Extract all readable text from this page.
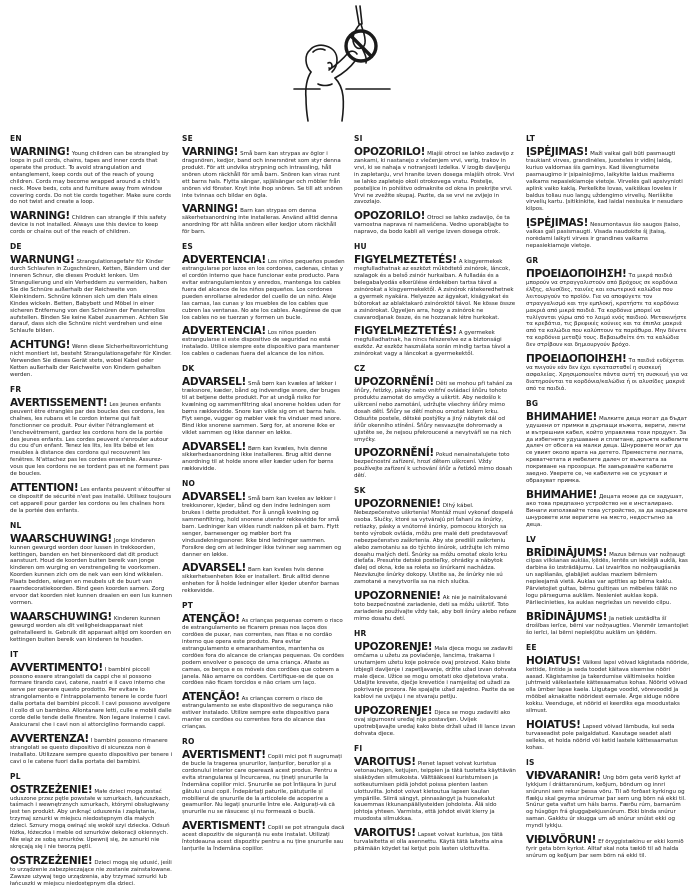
EN

WARNING! Young children can be strangled by loops in pull cords, chains, tapes and inner cords that operate the product. To avoid strangulation and entanglement, keep cords out of the reach of young children. Cords may become wrapped around a child's neck. Move beds, cots and furniture away from window covering cords. Do not tie cords together. Make sure cords do not twist and create a loop.

WARNING! Children can strangle if this safety device is not installed. Always use this device to keep cords or chains out of the reach of children.

DE

WARNUNG! Strangulationsgefahr für Kinder durch Schlaufen in Zugschnüren, Ketten, Bändern und der inneren Schnur, die dieses Produkt lenken. Um Strangulierung und ein Verheddern zu vermeiden, halten Sie die Schnüre außerhalb der Reichweite von Kleinkindern. Schnüre können sich um den Hals eines Kindes wickeln. Betten, Babybett und Möbel in einer sicheren Entfernung von den Schnüren der Fensterrollos aufstellen. Binden Sie keine Kabel zusammen. Achten Sie darauf, dass sich die Schnüre nicht verdrehen und eine Schlaufe bilden.

ACHTUNG! Wenn diese Sicherheitsvorrichtung nicht montiert ist, besteht Strangulationsgefahr für Kinder. Verwenden Sie dieses Gerät stets, wobei Kabel oder Ketten außerhalb der Reichweite von Kindern gehalten werden.

FR

AVERTISSEMENT! Les jeunes enfants peuvent être étranglés par des boucles des cordons, les chaînes, les rubans et le cordon interne qui fait fonctionner ce produit. Pour éviter l'étranglement et l'enchevêtrement, gardez les cordons hors de la portée des jeunes enfants. Les cordes peuvent s'enrouler autour du cou d'un enfant. Tenez les lits, les lits bébé et les meubles à distance des cordons qui recouvrent les fenêtres. N'attachez pas les cordes ensemble. Assurez-vous que les cordons ne se tordent pas et ne forment pas de boucles.

ATTENTION! Les enfants peuvent s'étouffer si ce dispositif de sécurité n'est pas installé. Utilisez toujours cet appareil pour garder les cordons ou les chaînes hors de la portée des enfants.

NL

WAARSCHUWING! Jonge kinderen kunnen gewurgd worden door lussen in trekkoorden, kettingen, banden en het binnenkoord dat dit product aanstuurt. Houd de koorden buiten bereik van jonge kinderen om wurging en verstrengeling te voorkomen. Koorden kunnen zich om de nek van een kind wikkelen. Plaats bedden, wiegen en meubels uit de buurt van raamdecoratiekoorden. Bind geen koorden samen. Zorg ervoor dat koorden niet kunnen draaien en een lus kunnen vormen.

WAARSCHUWING! Kinderen kunnen gewurgd worden als dit veiligheidsapparaat niet geïnstalleerd is. Gebruik dit apparaat altijd om koorden en kettingen buiten bereik van kinderen te houden.

IT

AVVERTIMENTO! I bambini piccoli possono essere strangolati da cappi che si possono formare tirando cavi, catene, nastri e il cavo interno che serve per operare questo prodotto. Per evitare lo strangolamento e l'intrappolamento tenere le corde fuori dalla portata dei bambini piccoli. I cavi possono avvolgere il collo di un bambino. Allontanare letti, culle e mobili dalle corde delle tende delle finestre. Non legare insieme i cavi. Assicurarsi che i cavi non si attorciglino formando cappi.

AVVERTENZA! I bambini possono rimanere strangolati se questo dispositivo di sicurezza non è installato. Utilizzare sempre questo dispositivo per tenere i cavi o le catene fuori dalla portata dei bambini.

PL

OSTRZEŻENIE! Małe dzieci mogą zostać uduszone przez pętle powstałe w sznurkach, łańcuszkach, taśmach i wewnętrznych sznurkach, którymi obsługiwany jest ten produkt. Aby uniknąć uduszenia i zaplątania, trzymaj sznurki w miejscu niedostępnym dla małych dzieci. Sznury mogą owinąć się wokół szyi dziecka. Odsuń łóżka, łóżeczka i meble od sznurków dekoracji okiennych. Nie wiąż ze sobą sznurków. Upewnij się, że sznurki nie skręcają się i nie tworzą pętli.

OSTRZEŻENIE! Dzieci mogą się udusić, jeśli to urządzenie zabezpieczające nie zostanie zainstalowane. Zawsze używaj tego urządzenia, aby trzymać sznurki lub łańcuszki w miejscu niedostępnym dla dzieci.

SE

VARNING! Små barn kan strypas av öglor i dragsnören, kedjor, band och innersnöret som styr denna produkt. För att undvika strypning och intrassling, håll snören utom räckhåll för små barn. Snören kan viras runt ett barns hals. Flytta sängar, spjälsängar och möbler från snören vid fönster. Knyt inte ihop snören. Se till att snören inte tvinnas och bildar en ögla.

VARNING! Barn kan strypas om denna säkerhetsanordning inte installeras. Använd alltid denna anordning för att hålla snören eller kedjor utom räckhåll för barn.

ES

ADVERTENCIA! Los niños pequeños pueden estrangularse por lazos en los cordones, cadenas, cintas y el cordón interno que hace funcionar este producto. Para evitar estrangulamientos y enredos, mantenga los cables fuera del alcance de los niños pequeños. Los cordones pueden enrollarse alrededor del cuello de un niño. Aleje las camas, las cunas y los muebles de los cables que cubren las ventanas. No ate los cables. Asegúrese de que los cables no se tuerzan y formen un bucle.

ADVERTENCIA! Los niños pueden estrangularse si este dispositivo de seguridad no está instalado. Utilice siempre este dispositivo para mantener los cables o cadenas fuera del alcance de los niños.

DK

ADVARSEL! Små børn kan kvæles af løkker i træksnore, kæder, bånd og indvendige snore, der bruges til at betjene dette produkt. For at undgå risiko for kvælning og sammenfiltring skal snorene holdes uden for børns rækkevidde. Snore kan vikle sig om et barns hals. Flyt senge, vugger og møbler væk fra vinduer med snore. Bind ikke snorene sammen. Sørg for, at snorene ikke er viklet sammen og ikke danner en løkke.

ADVARSEL! Børn kan kvæles, hvis denne sikkerhedsanordning ikke installeres. Brug altid denne anordning til at holde snore eller kæder uden for børns rækkevidde.

NO

ADVARSEL! Små barn kan kveles av løkker i trekksnorer, kjeder, bånd og den indre ledningen som brukes i dette produktet. For å unngå kvelning og sammenfiltring, hold snorene utenfor rekkevidde for små barn. Ledninger kan vikles rundt nakken på et barn. Flytt senger, barnesenger og møbler bort fra vindusdekningssnorer. Ikke bind ledninger sammen. Forsikre deg om at ledninger ikke tvinner seg sammen og danner en løkke.

ADVARSEL! Barn kan kveles hvis denne sikkerhetsenheten ikke er installert. Bruk alltid denne enheten for å holde ledninger eller kjeder utenfor barnas rekkevidde.

PT

ATENÇÃO! As crianças pequenas correm o risco de estrangulamento se ficarem presas nos laços dos cordões de puxar, nas correntes, nas fitas e no cordão interno que opera este produto. Para evitar estrangulamento e emaranhamentos, mantenha os cordões fora do alcance de crianças pequenas. Os cordões podem envolver o pescoço de uma criança. Afaste as camas, os berços e os móveis dos cordões que cobrem a janela. Não amarre os cordões. Certifique-se de que os cordões não ficam torcidos e não criam um laço.

ATENÇÃO! As crianças correm o risco de estrangulamento se este dispositivo de segurança não estiver instalado. Utilize sempre este dispositivo para manter os cordões ou correntes fora do alcance das crianças.

RO

AVERTISMENT! Copiii mici pot fi sugrumați de bucle la tragerea șnururilor, lanțurilor, benzilor și a cordonului interior care operează acest produs. Pentru a evita strangularea și încurcarea, nu țineți șnururile la îndemâna copiilor mici. Șnururile se pot înfășura în jurul gâtului unui copil. Îndepărtați paturile, pătuțurile și mobilierul de șnururile de la articolele de acoperire a geamurilor. Nu legați șnururile între ele. Asigurați-vă că șnururile nu se răsucesc și nu formează o buclă.

AVERTISMENT! Copiii se pot strangula dacă acest dispozitiv de siguranță nu este instalat. Utilizați întotdeauna acest dispozitiv pentru a nu ține șnururile sau lanțurile la îndemâna copiilor.

SI

OPOZORILO! Mlajši otroci se lahko zadavijo z zankami, ki nastanejo z vlečenjem vrvi, verig, trakov in vrvi, ki se nahaja v notranjosti izdelka. V izogib davljenju in zapletanju, vrvi hranite izven dosega mlajših otrok. Vrvi se lahko zapletejo okoli otrokovega vratu. Postelje, posteljice in pohištvo odmaknite od okna in prekrijte vrvi. Vrvi ne zvežite skupaj. Pazite, da se vrvi ne zvijejo in zavozlajo.

OPOZORILO! Otroci se lahko zadavijo, če ta varnostna naprava ni nameščena. Vedno uporabljajte to napravo, da bodo kabli ali verige izven dosega otrok.

HU

FIGYELMEZTETÉS! A kisgyermekek megfulladhatnak az eszközt működtető zsinórok, láncok, szalagok és a belső zsinór hurkaiban. A fulladás és a belegabalyodás elkerülése érdekében tartsa távol a zsinórokat a kisgyermekektől. A zsinórok rátekeredhetnek a gyermek nyakára. Helyezze az ágyakat, kiságyakat és bútorokat az ablaktakaró zsinóroktól távol. Ne kösse össze a zsinórokat. Ügyeljen arra, hogy a zsinórok ne csavarodjanak össze, és ne hozzanak létre hurkokat.

FIGYELMEZTETÉS! A gyermekek megfulladhatnak, ha nincs felszerelve ez a biztonsági eszköz. Az eszköz használata során mindig tartsa távol a zsinórokat vagy a láncokat a gyermekektől.

CZ

UPOZORNĚNÍ! Děti se mohou při tahání za šňůry, řetízky, pásky nebo vnitřní ovládací šňůru tohoto produktu zamotat do smyčky a uškrtit. Aby nedošlo k uškrcení nebo zamotání, udržujte všechny šňůry mimo dosah dětí. Šňůry se dětí mohou omotat kolem krku. Odsuňte postele, dětské postýlky a jiný nábytek dál od šňůr okenního stínění. Šňůry nesvazujte dohromady a ujistěte se, že nejsou překroucené a nevytváří se na nich smyčky.

UPOZORNĚNÍ! Pokud nenainstalujete toto bezpečnostní zařízení, hrozí dětem uškrcení. Vždy používejte zařízení k uchování šňůr a řetízků mimo dosah dětí.

SK

UPOZORNENIE! Dlhý kábel. Nebezpečenstvo uškrtenia! Montáž musí vykonať dospelá osoba. Slučky, ktoré sa vytvárajú pri ťahaní za šnúrky, retiazky, pásky a vnútorné šnúrky, pomocou ktorých sa tento výrobok ovláda, môžu pre malé deti predstavovať nebezpečenstvo zaškrtenia. Aby ste predišli zaškrteniu alebo zamotaniu sa do týchto šnúrok, udržujte ich mimo dosahu malých detí. Šnúrky sa môžu omotať okolo krku dieťaťa. Presuňte detské postieľky, ohrádky a nábytok ďalej od okna, kde sa roleta so šnúrkami nachádza. Nezväzujte šnúrky dokopy. Uistite sa, že šnúrky nie sú zamotané a nevytvorila sa na nich slučka.

UPOZORNENIE! Ak nie je nainštalované toto bezpečnostné zariadenie, deti sa môžu uškrtiť. Toto zariadenie používajte vždy tak, aby boli šnúry alebo reťaze mimo dosahu detí.

HR

UPOZORENJE! Mala djeca mogu se zadaviti omčama u užetu za povlačenje, lancima, trakama i unutarnjem užetu koje pokreće ovaj proizvod. Kako biste izbjegli davljenje i zapetljavanje, držite užad izvan dohvata male djece. Užice se mogu omotati oko djetetova vrata. Udaljite krevete, dječje krevetiće i namještaj od užadi za pokrivanje prozora. Ne spajajte užad zajedno. Pazite da se kablovi ne uvijaju i ne stvaraju petlju.

UPOZORENJE! Djeca se mogu zadaviti ako ovaj sigurnosni uređaj nije postavljen. Uvijek upotrebljavajte uređaj kako biste držali užad ili lance izvan dohvata djece.

FI

VAROITUS! Pienet lapset voivat kuristua vetonauhojen, ketjujen, teippien ja tätä tuotetta käyttävän sisäköyden silmukoista. Välttääksesi kuristumisen ja sotkeutumisen pidä johdot poissa pienten lasten ulottuvilta. Johdot voivat kietoutua lapsen kaulan ympärille. Siirrä sängyt, pinnasängyt ja huonekalut kauemmas ikkunanpäällysteiden johdoista. Älä sido johtoja yhteen. Varmista, että johdot eivät kierry ja muodosta silmukkaa.

VAROITUS! Lapset voivat kuristua, jos tätä turvalaitetta ei olla asennettu. Käytä tätä laitetta aina pitämään köydet tai ketjut pois lasten ulottuvilta.

LT

ĮSPĖJIMAS! Maži vaikai gali būti pasmaugti traukiant virves, grandinėles, juosteles ir vidinį laidą, kuriuo valdomas šis gaminys. Kad išvengtumėte pasmaugimo ir įsipainiojimo, laikykite laidus mažiems vaikams nepasiekiamoje vietoje. Virvelės gali apsivynioti aplink vaiko kaklą. Perkelkite lovas, vaikiškas loveles ir baldus toliau nuo langų uždengimo virvelių. Neriškite virvelių kartu. Įsitikinkite, kad laidai nesisuka ir nesudaro kilpos.

ĮSPĖJIMAS! Nesumontavus šio saugos įtaiso, vaikas gali pasismaugti. Visada naudokite šį įtaisą, norėdami laikyti virves ir grandines vaikams nepasiekiamoje vietoje.

GR

ΠΡΟΕΙΔΟΠΟΙΗΣΗ! Τα μικρά παιδιά μπορούν να στραγγαλιστούν από βρόχους σε κορδόνια έλξης, αλυσίδες, ταινίες και εσωτερικά καλώδια που λειτουργούν το προϊόν. Για να αποφύγετε τον στραγγαλισμό και την εμπλοκή, κρατήστε τα κορδόνια μακριά από μικρά παιδιά. Τα κορδόνια μπορεί να τυλίγονται γύρω από το λαιμό ενός παιδιού. Μετακινήστε τα κρεβάτια, τις βρεφικές κούνιες και τα έπιπλα μακριά από τα καλώδια που καλύπτουν τα παράθυρα. Μην δένετε τα κορδόνια μεταξύ τους. Βεβαιωθείτε ότι τα καλώδια δεν στρίβουν και δημιουργούν βρόχο.

ΠΡΟΕΙΔΟΠΟΙΗΣΗ! Τα παιδιά ενδέχεται να πνιγούν εάν δεν έχει εγκατασταθεί η συσκευή ασφαλείας. Χρησιμοποιείτε πάντα αυτή τη συσκευή για να διατηρούνται τα κορδόνια/καλώδια ή οι αλυσίδες μακριά από τα παιδιά.

BG

ВНИМАНИЕ! Малките деца могат да бъдат удушени от примки в дърпащи въжета, вериги, ленти и вътрешния кабел, който управлява този продукт. За да избегнете удушаване и сплитане, дръжте кабелите далеч от обсега на малки деца. Шнуровете могат да се увият около врата на детето. Преместете леглата, креватчетата и мебелите далеч от въжетата за покриване на прозорци. Не завързвайте кабелите заедно. Уверете се, че кабелите не се усукват и образуват примка.

ВНИМАНИЕ! Децата може да се задушат, ако това предпазно устройство не е инсталирано. Винаги използвайте това устройство, за да задържате шнуровете или веригите на място, недостъпно за деца.

LV

BRĪDINĀJUMS! Mazus bērnus var nožņaugt cilpas vilkšanas auklās, ķēdēs, lentēs un iekšējā auklā, kas darbina šo izstrādājumu. Lai izvairītos no nožņaugšanās un sapīšanās, glabājiet auklas maziem bērniem nepieejamā vietā. Auklas var aptīties ap bērna kaklu. Pārvietojiet gultas, bērnu gultiņas un mēbeles tālāk no logu pārseguma auklām. Nesieniet auklas kopā. Pārliecinieties, ka auklas negriežas un neveido cilpu.

BRĪDINĀJUMS! Ja netiek uzstādīta šī drošības ierīce, bērni var nožņaugties. Vienmēr izmantojiet šo ierīci, lai bērni nepiekļūtu auklām un ķēdēm.

EE

HOIATUS! Väikesi lapsi võivad kägistada nööride, kettide, lintide ja seda toodet käitava sisemise nööri aasad. Kägistamise ja takerdumise vältimiseks hoidke juhtmeid väikelastele kättesaamatus kohas. Nöörid võivad olla ümber lapse kaela. Liigutage voodid, võrevoodid ja mööbel aknakatte nööridest eemale. Ärge siduge nööre kokku. Veenduge, et nöörid ei keerdiks ega moodustaks silmust.

HOIATUS! Lapsed võivad lämbuda, kui seda turvaseadist pole paigaldatud. Kasutage seadet alati selleks, et hoida nöörid või ketid lastele kättesaamatus kohas.

IS

VIÐVARANIR! Ung börn geta verið kyrkt af lykkjum í dráttarsnúrum, keðjum, böndum og innri snúrunni sem rekur þessa vöru. Til að forðast kyrkingu og flækju skal geyma snúrurnar þar sem ung börn ná ekki til. Snúrur geta vafist um háls barns. Færðu rúm, barnarúm og húsgögn frá gluggaþekjusnúrum. Ekki binda snúrur saman. Gakktu úr skugga um að snúrur snúist ekki og myndi lykkju.

VIÐLVÖRUN! Ef öryggistækinu er ekki komið fyrir geta börn kyrkst. Alltaf skal nota tækið til að halda snúrum og keðjum þar sem börn ná ekki til.
